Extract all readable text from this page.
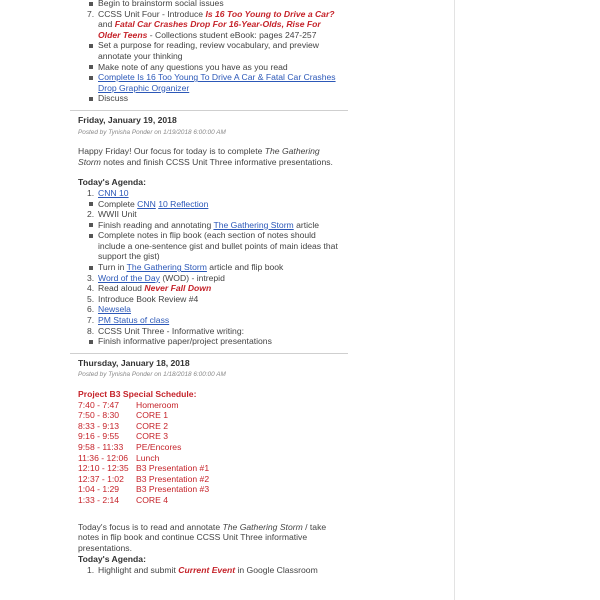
Begin to brainstorm social issues
7. CCSS Unit Four - Introduce Is 16 Too Young to Drive a Car? and Fatal Car Crashes Drop For 16-Year-Olds, Rise For Older Teens - Collections student eBook: pages 247-257
Set a purpose for reading, review vocabulary, and preview annotate your thinking
Make note of any questions you have as you read
Complete Is 16 Too Young To Drive A Car & Fatal Car Crashes Drop Graphic Organizer
Discuss
Friday, January 19, 2018
Posted by Tynisha Ponder on 1/19/2018 6:00:00 AM

Happy Friday! Our focus for today is to complete The Gathering Storm notes and finish CCSS Unit Three informative presentations.

Today's Agenda:
1. CNN 10
Complete CNN 10 Reflection
2. WWII Unit
Finish reading and annotating The Gathering Storm article
Complete notes in flip book (each section of notes should include a one-sentence gist and bullet points of main ideas that support the gist)
Turn in The Gathering Storm article and flip book
3. Word of the Day (WOD) - intrepid
4. Read aloud Never Fall Down
5. Introduce Book Review #4
6. Newsela
7. PM Status of class
8. CCSS Unit Three - Informative writing:
Finish informative paper/project presentations
Thursday, January 18, 2018
Posted by Tynisha Ponder on 1/18/2018 6:00:00 AM
Project B3 Special Schedule:
7:40 - 7:47	Homeroom
7:50 - 8:30	CORE 1
8:33 - 9:13	CORE 2
9:16 - 9:55	CORE 3
9:58 - 11:33	PE/Encores
11:36 - 12:06	Lunch
12:10 - 12:35	B3 Presentation #1
12:37 - 1:02	B3 Presentation #2
1:04 - 1:29	B3 Presentation #3
1:33 - 2:14	CORE 4

Today's focus is to read and annotate The Gathering Storm / take notes in flip book and continue CCSS Unit Three informative presentations.

Today's Agenda:
1. Highlight and submit Current Event in Google Classroom
